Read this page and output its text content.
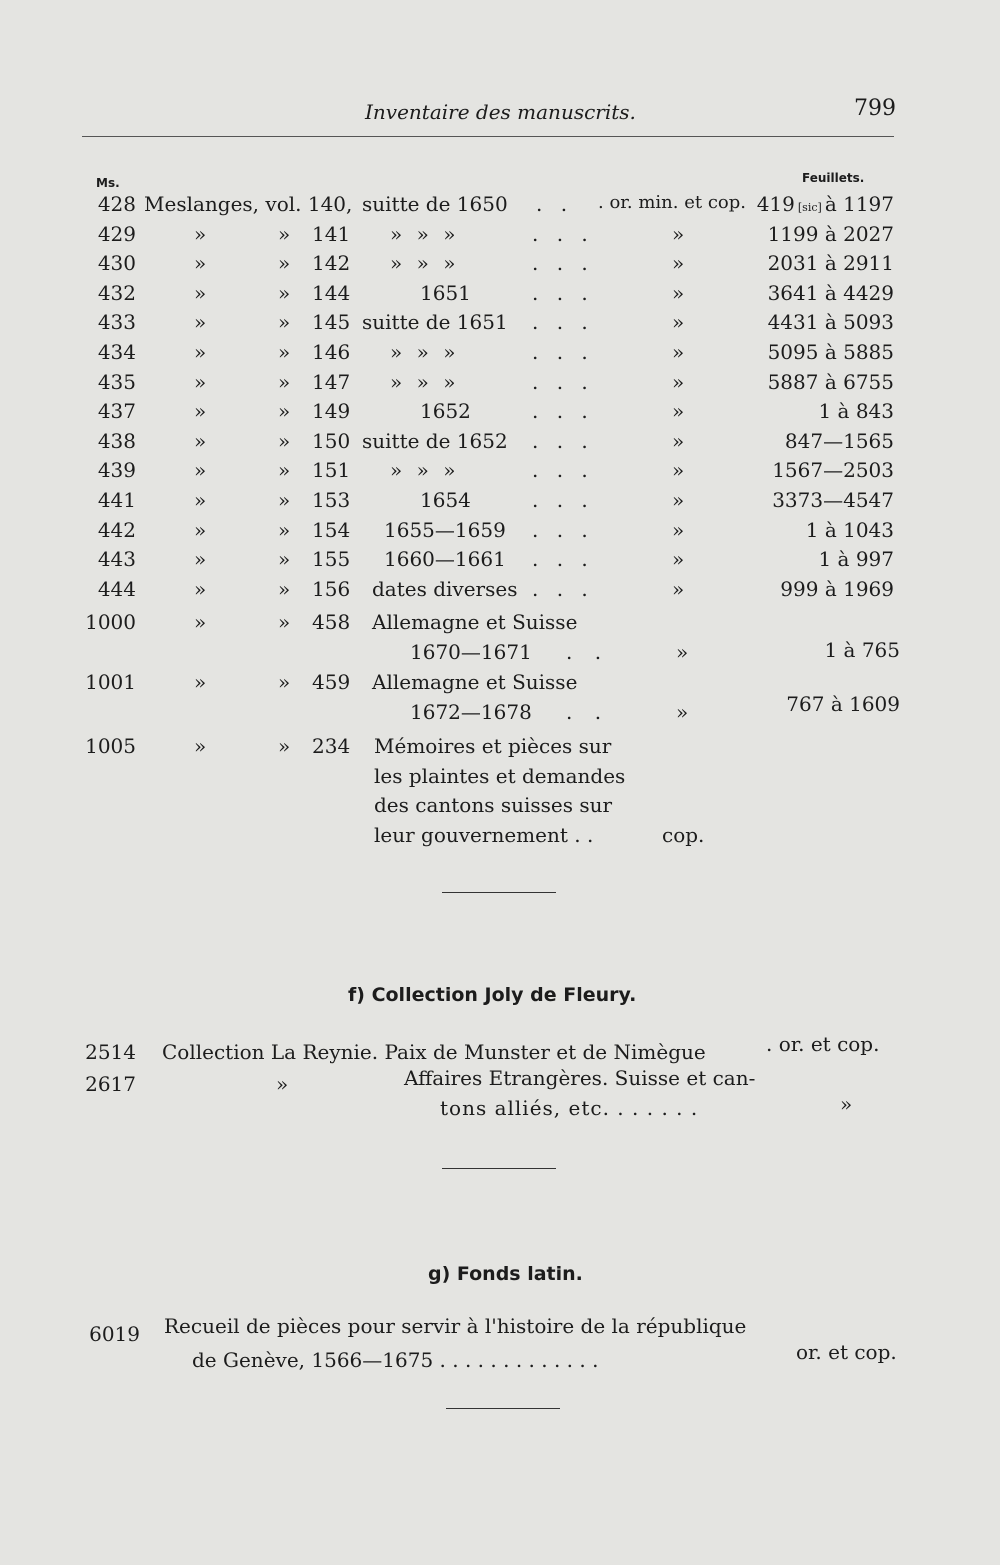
Inventaire des manuscrits.	799
Ms.	Feuillets.
428 Meslanges, vol. 140, suitte de 1650 . . . or. min. et cop. 419 [sic] à 1197
429	»	» 141 » » »	. . .	»	1199 à 2027
430	»	» 142 » » »	. . .	»	2031 à 2911
432	»	» 144	1651	. . .	»	3641 à 4429
433	»	» 145 suitte de 1651 . . .	»	4431 à 5093
434	»	» 146 » » »	. . .	»	5095 à 5885
435	»	» 147 » » »	. . .	»	5887 à 6755
437	»	» 149	1652	. . .	»	1 à 843
438	»	» 150 suitte de 1652 . . .	»	847—1565
439	»	» 151 » » »	. . .	»	1567—2503
441	»	» 153	1654	. . .	»	3373—4547
442	»	» 154 1655—1659 . . .	»	1 à 1043
443	»	» 155 1660—1661 . . .	»	1 à 997
444	»	» 156 dates diverses . . .	»	999 à 1969
1000	»	» 458 Allemagne et Suisse
1670—1671 . .	»	1 à 765
1001	»	» 459 Allemagne et Suisse
1672—1678 . .	»	767 à 1609
1005	»	» 234 Mémoires et pièces sur
les plaintes et demandes
des cantons suisses sur
leur gouvernement . .	cop.
f) Collection Joly de Fleury.
2514 Collection La Reynie. Paix de Munster et de Nimègue	. or. et cop.
2617	»	Affaires Etrangères. Suisse et can-
tons alliés, etc. . . . . . .	»
g) Fonds latin.
6019 Recueil de pièces pour servir à l'histoire de la république
de Genève, 1566—1675 . . . . . . . . . . . . .	or. et cop.
